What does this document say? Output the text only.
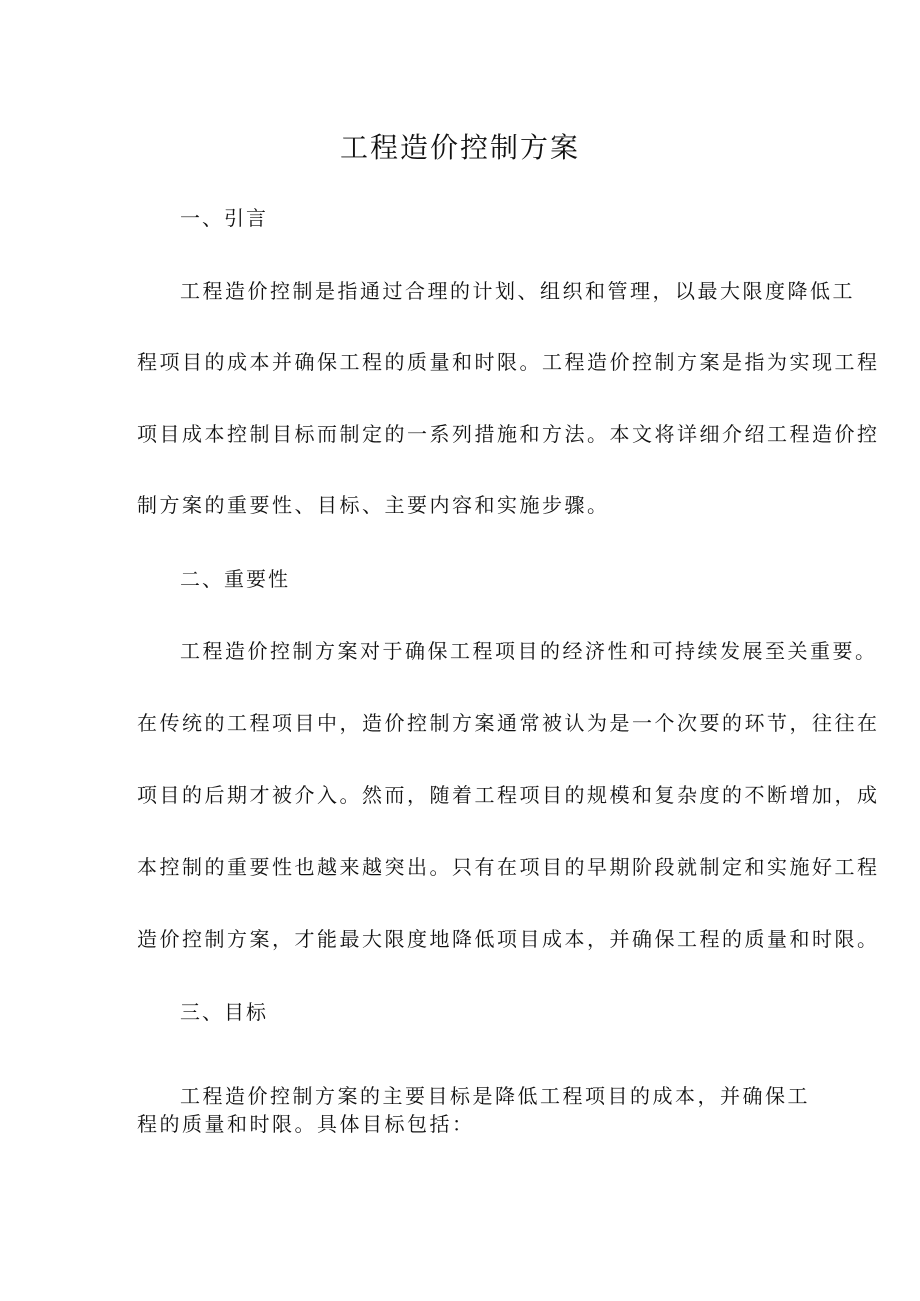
工程造价控制方案
一、引言
工程造价控制是指通过合理的计划、组织和管理，以最大限度降低工
程项目的成本并确保工程的质量和时限。工程造价控制方案是指为实现工程
项目成本控制目标而制定的一系列措施和方法。本文将详细介绍工程造价控
制方案的重要性、目标、主要内容和实施步骤。
二、重要性
工程造价控制方案对于确保工程项目的经济性和可持续发展至关重要。
在传统的工程项目中，造价控制方案通常被认为是一个次要的环节，往往在
项目的后期才被介入。然而，随着工程项目的规模和复杂度的不断增加，成
本控制的重要性也越来越突出。只有在项目的早期阶段就制定和实施好工程
造价控制方案，才能最大限度地降低项目成本，并确保工程的质量和时限。
三、目标
工程造价控制方案的主要目标是降低工程项目的成本，并确保工
程的质量和时限。具体目标包括：
